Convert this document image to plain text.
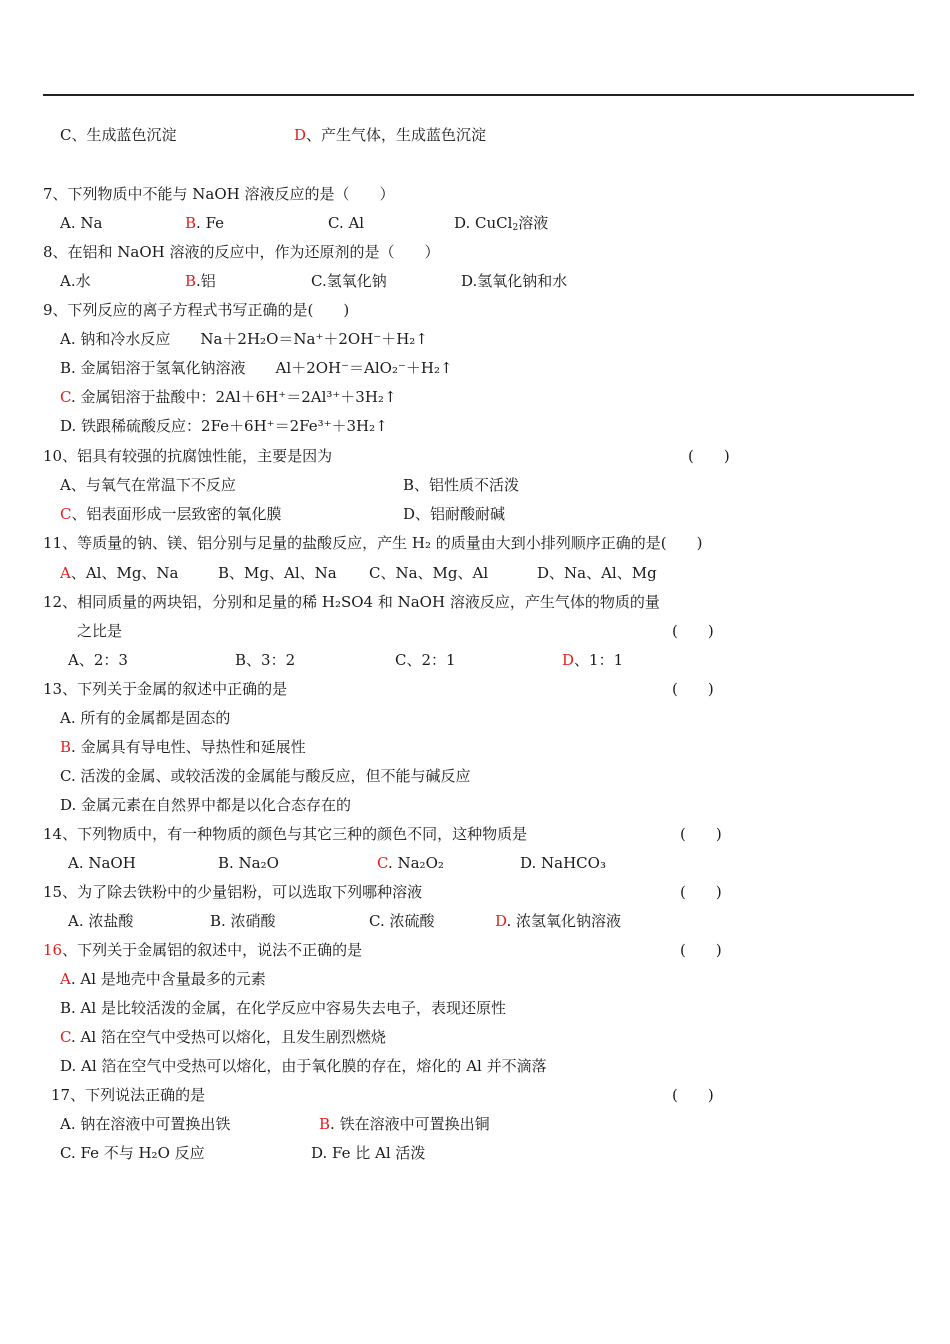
C、生成蓝色沉淀	D、产生气体，生成蓝色沉淀
7、下列物质中不能与 NaOH 溶液反应的是（　　）
A. Na	B. Fe	C. Al	D. CuCl$_2$溶液
8、在铝和 NaOH 溶液的反应中，作为还原剂的是（　　）
A.水	B.铝	C.氢氧化钠	D.氢氧化钠和水
9、下列反应的离子方程式书写正确的是(　　)
A. 钠和冷水反应　　Na＋2H₂O＝Na⁺＋2OH⁻＋H₂↑
B. 金属铝溶于氢氧化钠溶液　　Al＋2OH⁻＝AlO₂⁻＋H₂↑
C. 金属铝溶于盐酸中：2Al＋6H⁺＝2Al³⁺＋3H₂↑
D. 铁跟稀硫酸反应：2Fe＋6H⁺＝2Fe³⁺＋3H₂↑
10、铝具有较强的抗腐蚀性能，主要是因为	(　　)
A、与氧气在常温下不反应	B、铝性质不活泼
C、铝表面形成一层致密的氧化膜	D、铝耐酸耐碱
11、等质量的钠、镁、铝分别与足量的盐酸反应，产生 H₂ 的质量由大到小排列顺序正确的是(　　)
A、Al、Mg、Na	B、Mg、Al、Na C、Na、Mg、Al	D、Na、Al、Mg
12、相同质量的两块铝，分别和足量的稀 H₂SO4 和 NaOH 溶液反应，产生气体的物质的量
之比是	(　　)
A、2：3	B、3：2	C、2：1	D、1：1
13、下列关于金属的叙述中正确的是	(　　)
A. 所有的金属都是固态的
B. 金属具有导电性、导热性和延展性
C. 活泼的金属、或较活泼的金属能与酸反应，但不能与碱反应
D. 金属元素在自然界中都是以化合态存在的
14、下列物质中，有一种物质的颜色与其它三种的颜色不同，这种物质是	(　　)
A. NaOH	B. Na₂O	C. Na₂O₂	D. NaHCO₃
15、为了除去铁粉中的少量铝粉，可以选取下列哪种溶液	(　　)
A. 浓盐酸	B. 浓硝酸	C. 浓硫酸	D. 浓氢氧化钠溶液
16、下列关于金属铝的叙述中，说法不正确的是	(　　)
A. Al 是地壳中含量最多的元素
B. Al 是比较活泼的金属，在化学反应中容易失去电子，表现还原性
C. Al 箔在空气中受热可以熔化，且发生剧烈燃烧
D. Al 箔在空气中受热可以熔化，由于氧化膜的存在，熔化的 Al 并不滴落
17、下列说法正确的是	(　　)
A. 钠在溶液中可置换出铁	B. 铁在溶液中可置换出铜
C. Fe 不与 H₂O 反应	D. Fe 比 Al 活泼
